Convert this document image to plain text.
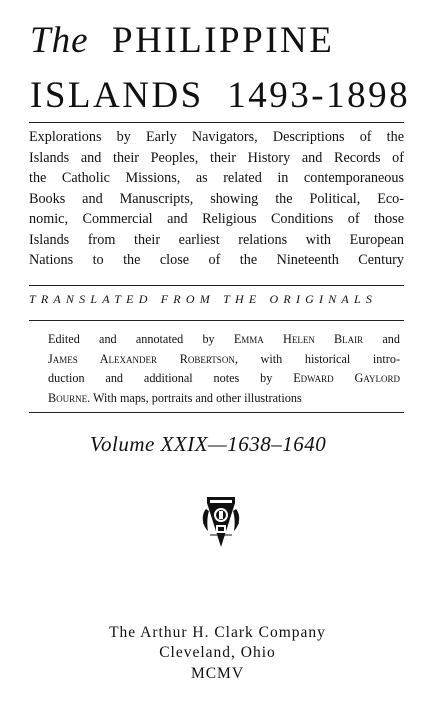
The PHILIPPINE
ISLANDS 1493-1898
Explorations by Early Navigators, Descriptions of the
Islands and their Peoples, their History and Records of
the Catholic Missions, as related in contemporaneous
Books and Manuscripts, showing the Political, Eco-
nomic, Commercial and Religious Conditions of those
Islands from their earliest relations with European
Nations to the close of the Nineteenth Century
TRANSLATED FROM THE ORIGINALS
Edited and annotated by Emma Helen Blair and
James Alexander Robertson, with historical intro-
duction and additional notes by Edward Gaylord
Bourne. With maps, portraits and other illustrations
Volume XXIX—1638–1640
The Arthur H. Clark Company
Cleveland, Ohio
MCMV
